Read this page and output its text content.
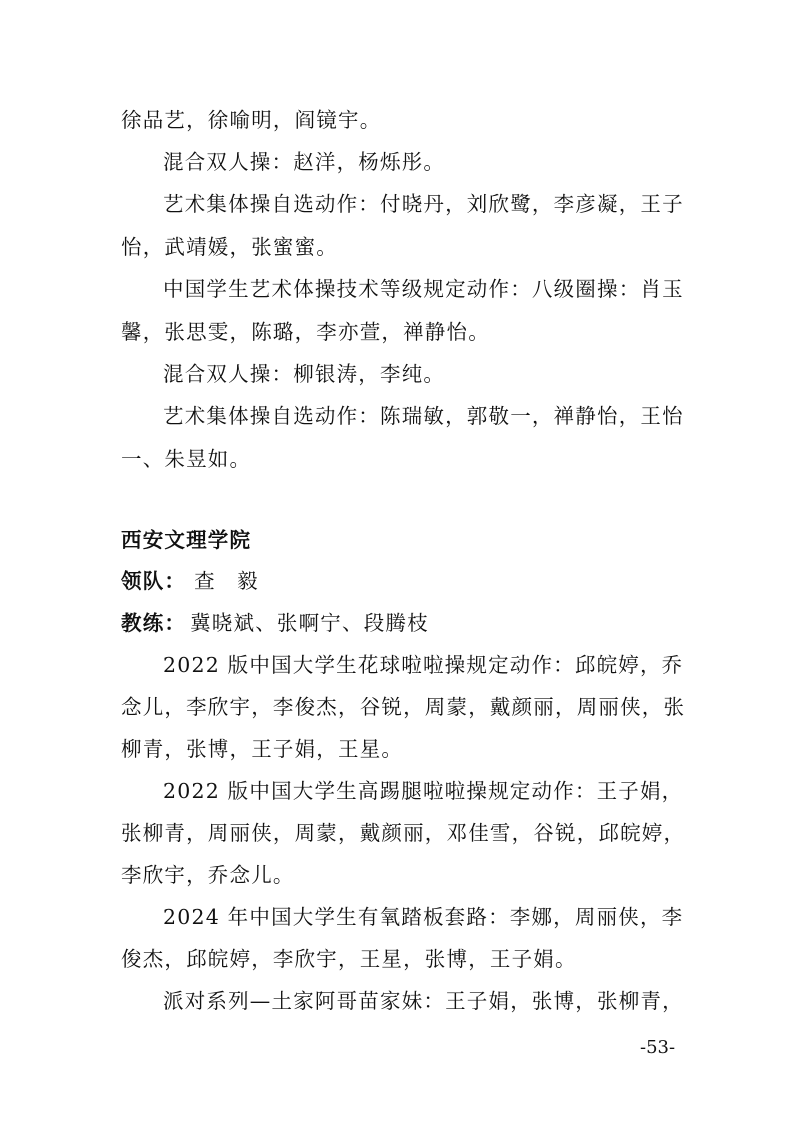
徐品艺，徐喻明，阎镜宇。
混合双人操：赵洋，杨烁彤。
艺术集体操自选动作：付晓丹，刘欣鹭，李彦凝，王子
怡，武靖媛，张蜜蜜。
中国学生艺术体操技术等级规定动作：八级圈操：肖玉
馨，张思雯，陈璐，李亦萱，禅静怡。
混合双人操：柳银涛，李纯。
艺术集体操自选动作：陈瑞敏，郭敬一，禅静怡，王怡
一、朱昱如。
西安文理学院
领队： 查 毅
教练： 冀晓斌、张啊宁、段腾枝
2022 版中国大学生花球啦啦操规定动作：邱皖婷，乔
念儿，李欣宇，李俊杰，谷锐，周蒙，戴颜丽，周丽侠，张
柳青，张博，王子娟，王星。
2022 版中国大学生高踢腿啦啦操规定动作：王子娟，
张柳青，周丽侠，周蒙，戴颜丽，邓佳雪，谷锐，邱皖婷，
李欣宇，乔念儿。
2024 年中国大学生有氧踏板套路：李娜，周丽侠，李
俊杰，邱皖婷，李欣宇，王星，张博，王子娟。
派对系列—土家阿哥苗家妹：王子娟，张博，张柳青，
-53-
